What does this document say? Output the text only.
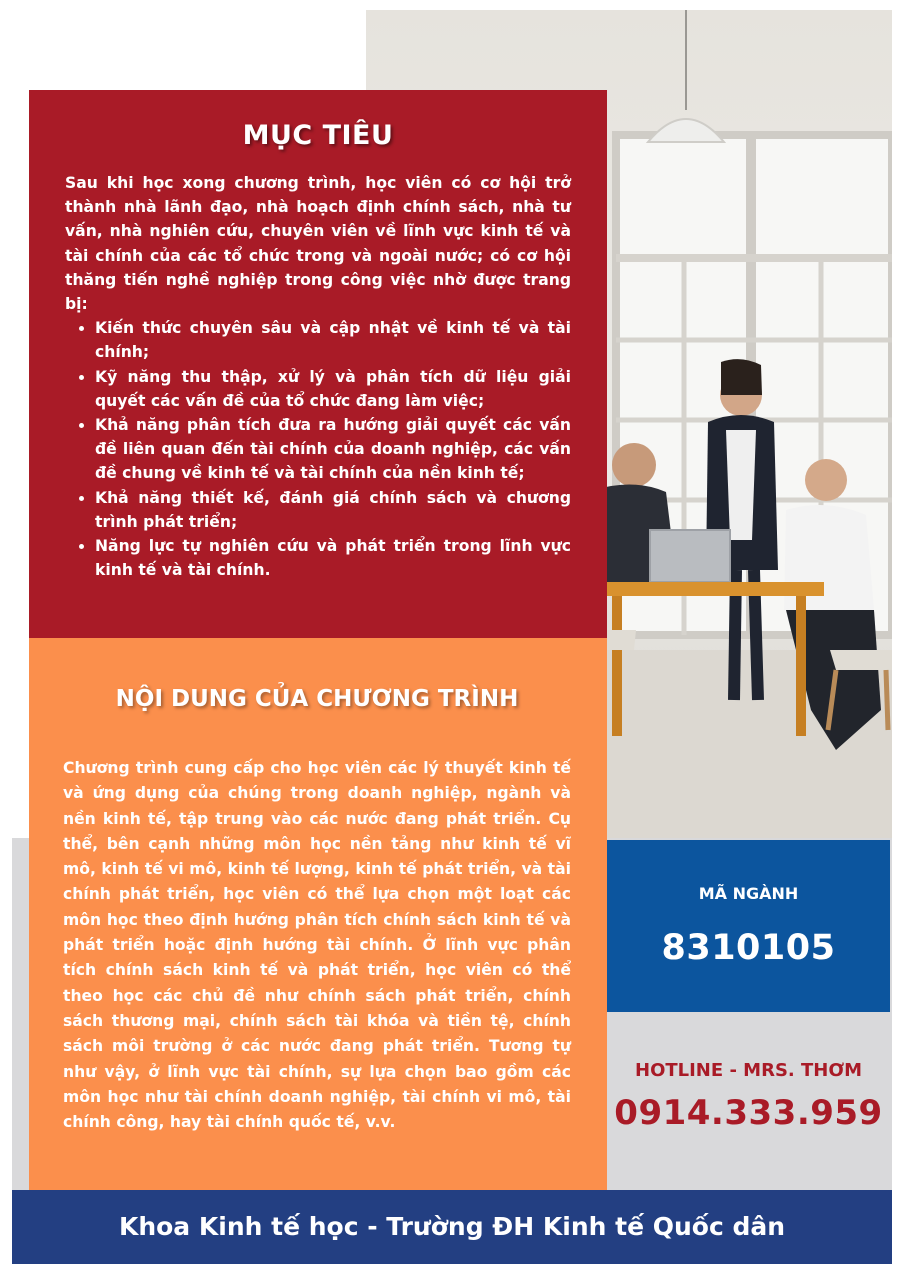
MỤC TIÊU

Sau khi học xong chương trình, học viên có cơ hội trở thành nhà lãnh đạo, nhà hoạch định chính sách, nhà tư vấn, nhà nghiên cứu, chuyên viên về lĩnh vực kinh tế và tài chính của các tổ chức trong và ngoài nước; có cơ hội thăng tiến nghề nghiệp trong công việc nhờ được trang bị:

• Kiến thức chuyên sâu và cập nhật về kinh tế và tài chính;
• Kỹ năng thu thập, xử lý và phân tích dữ liệu giải quyết các vấn đề của tổ chức đang làm việc;
• Khả năng phân tích đưa ra hướng giải quyết các vấn đề liên quan đến tài chính của doanh nghiệp, các vấn đề chung về kinh tế và tài chính của nền kinh tế;
• Khả năng thiết kế, đánh giá chính sách và chương trình phát triển;
• Năng lực tự nghiên cứu và phát triển trong lĩnh vực kinh tế và tài chính.
NỘI DUNG CỦA CHƯƠNG TRÌNH

Chương trình cung cấp cho học viên các lý thuyết kinh tế và ứng dụng của chúng trong doanh nghiệp, ngành và nền kinh tế, tập trung vào các nước đang phát triển. Cụ thể, bên cạnh những môn học nền tảng như kinh tế vĩ mô, kinh tế vi mô, kinh tế lượng, kinh tế phát triển, và tài chính phát triển, học viên có thể lựa chọn một loạt các môn học theo định hướng phân tích chính sách kinh tế và phát triển hoặc định hướng tài chính. Ở lĩnh vực phân tích chính sách kinh tế và phát triển, học viên có thể theo học các chủ đề như chính sách phát triển, chính sách thương mại, chính sách tài khóa và tiền tệ, chính sách môi trường ở các nước đang phát triển. Tương tự như vậy, ở lĩnh vực tài chính, sự lựa chọn bao gồm các môn học như tài chính doanh nghiệp, tài chính vi mô, tài chính công, hay tài chính quốc tế, v.v.

MÃ NGÀNH
8310105
HOTLINE - MRS. THƠM
0914.333.959
Khoa Kinh tế học - Trường ĐH Kinh tế Quốc dân
